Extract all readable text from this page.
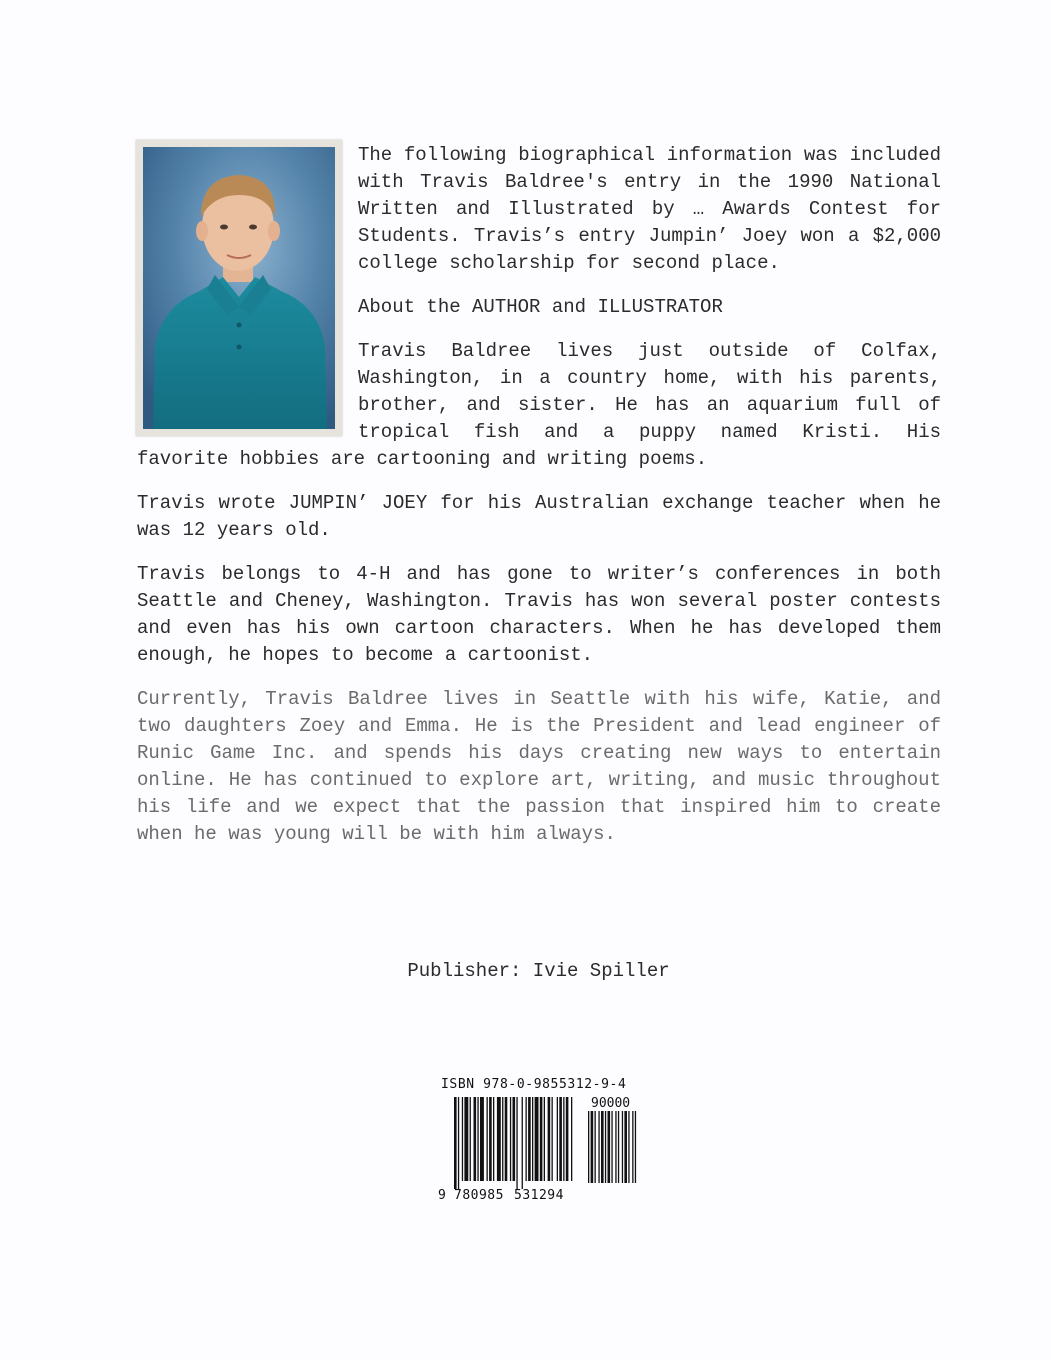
The following biographical information was included with Travis Baldree's entry in the 1990 National Written and Illustrated by … Awards Contest for Students. Travis’s entry Jumpin’ Joey won a $2,000 college scholarship for second place.

About the AUTHOR and ILLUSTRATOR

Travis Baldree lives just outside of Colfax, Washington, in a country home, with his parents, brother, and sister. He has an aquarium full of tropical fish and a puppy named Kristi. His favorite hobbies are cartooning and writing poems.

Travis wrote JUMPIN’ JOEY for his Australian exchange teacher when he was 12 years old.

Travis belongs to 4-H and has gone to writer’s conferences in both Seattle and Cheney, Washington. Travis has won several poster contests and even has his own cartoon characters. When he has developed them enough, he hopes to become a cartoonist.

Currently, Travis Baldree lives in Seattle with his wife, Katie, and two daughters Zoey and Emma. He is the President and lead engineer of Runic Game Inc. and spends his days creating new ways to entertain online. He has continued to explore art, writing, and music throughout his life and we expect that the passion that inspired him to create when he was young will be with him always.

Publisher: Ivie Spiller
ISBN 978-0-9855312-9-4
90000
9 780985 531294
